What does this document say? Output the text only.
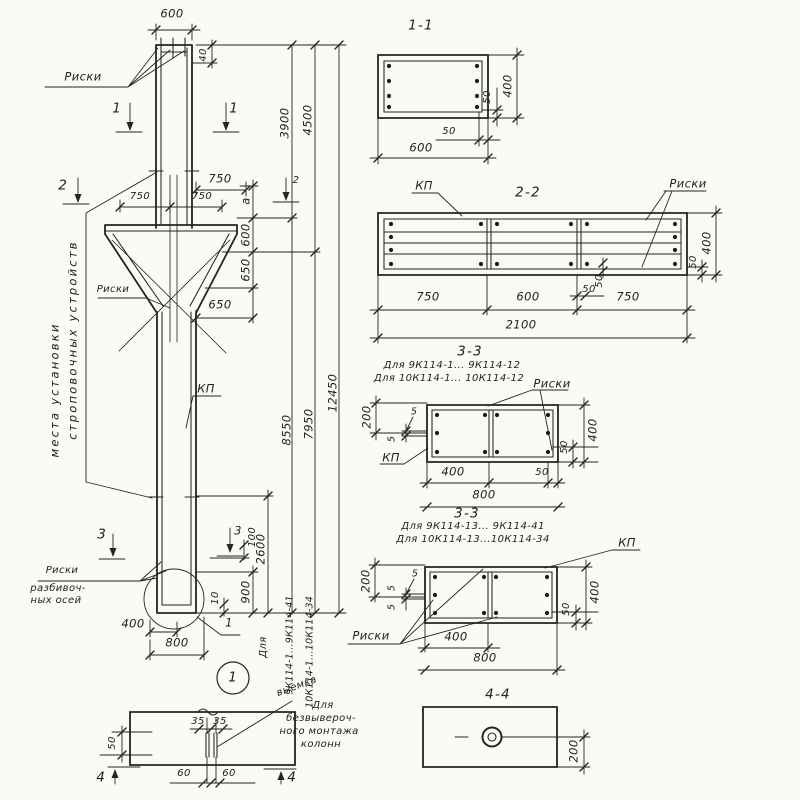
Риски
600
40
1	1
2	2
750
750	750 а
600
650
650
Риски
места установки строповочных устройств	КП
3900 4500
8550 7950
12450
3	3 100
2600
900
10
Риски
разбивоч-
ных осей
400
800
1
1
Для 9К114-1...9К114-41 10К114-1...10К114-34
выемка
35 35
50
60	60
4	4
Для
безвывероч-
ного монтажа
колонн
1-1
50 400
50
600
2-2
КП	Риски
750	600	750
2100
400
50
50
50
3-3
Для 9К114-1... 9К114-12
Для 10К114-1... 10К114-12 Риски
КП
200	5
5
400	50
800
400
50
3-3
Для 9К114-13... 9К114-41
Для 10К114-13...10К114-34	КП
Риски
200	5
5
5
400
800
400
50
4-4
200
